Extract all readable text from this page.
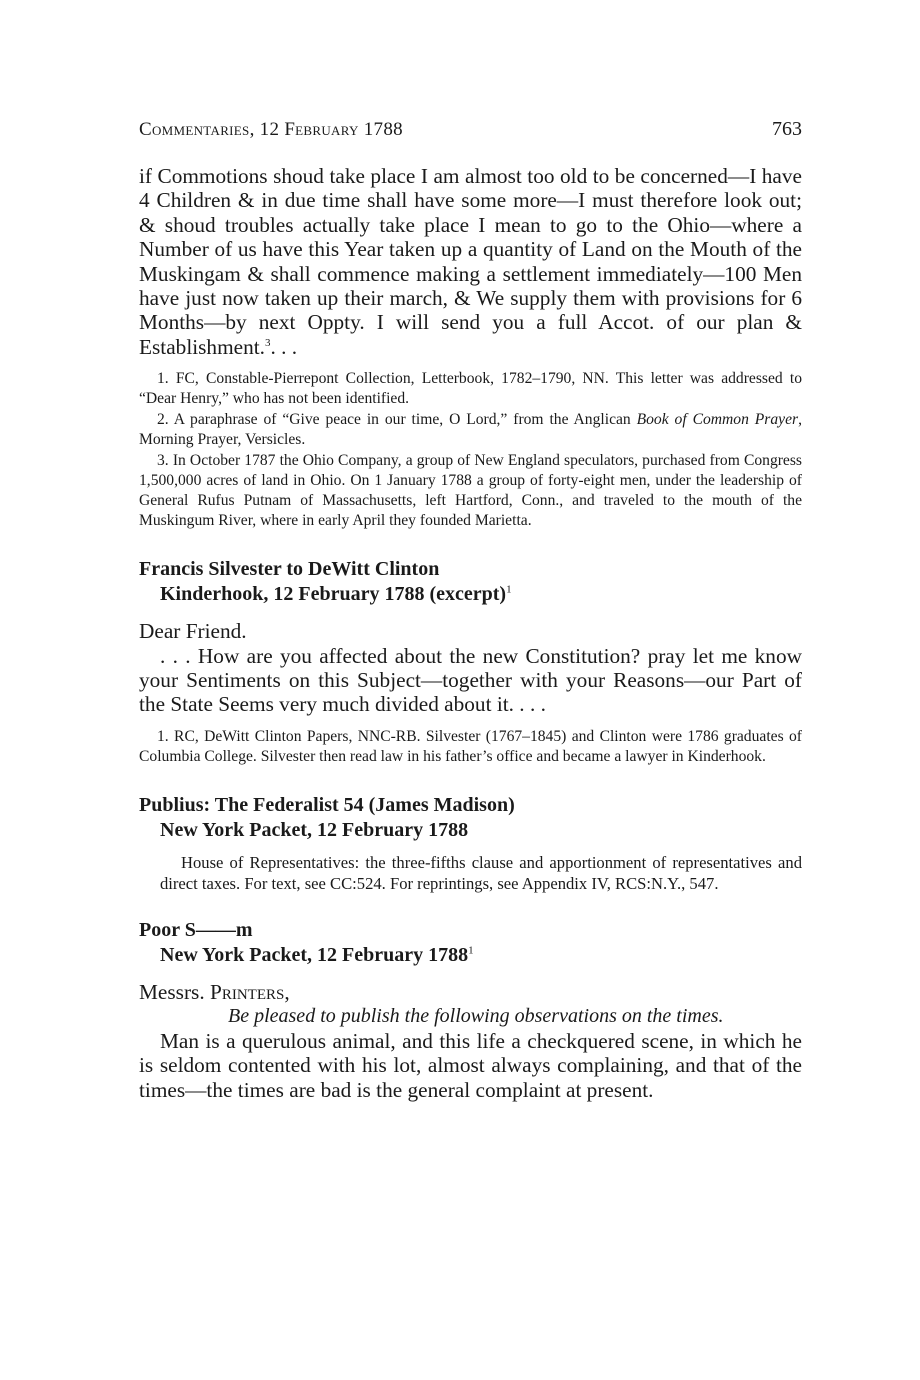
Commentaries, 12 February 1788	763

if Commotions shoud take place I am almost too old to be concerned—I have 4 Children & in due time shall have some more—I must therefore look out; & shoud troubles actually take place I mean to go to the Ohio—where a Number of us have this Year taken up a quantity of Land on the Mouth of the Muskingam & shall commence making a settlement immediately—100 Men have just now taken up their march, & We supply them with provisions for 6 Months—by next Oppty. I will send you a full Accot. of our plan & Establishment.$^3$. . .

1. FC, Constable-Pierrepont Collection, Letterbook, 1782–1790, NN. This letter was addressed to “Dear Henry,” who has not been identified.

2. A paraphrase of “Give peace in our time, O Lord,” from the Anglican Book of Common Prayer, Morning Prayer, Versicles.

3. In October 1787 the Ohio Company, a group of New England speculators, purchased from Congress 1,500,000 acres of land in Ohio. On 1 January 1788 a group of forty-eight men, under the leadership of General Rufus Putnam of Massachusetts, left Hartford, Conn., and traveled to the mouth of the Muskingum River, where in early April they founded Marietta.

Francis Silvester to DeWitt Clinton
Kinderhook, 12 February 1788 (excerpt)$^1$

Dear Friend.

. . . How are you affected about the new Constitution? pray let me know your Sentiments on this Subject—together with your Reasons—our Part of the State Seems very much divided about it. . . .

1. RC, DeWitt Clinton Papers, NNC-RB. Silvester (1767–1845) and Clinton were 1786 graduates of Columbia College. Silvester then read law in his father’s office and became a lawyer in Kinderhook.

Publius: The Federalist 54 (James Madison)
New York Packet, 12 February 1788

House of Representatives: the three-fifths clause and apportionment of representatives and direct taxes. For text, see CC:524. For reprintings, see Appendix IV, RCS:N.Y., 547.

Poor S——m
New York Packet, 12 February 1788$^1$

Messrs. Printers,

Be pleased to publish the following observations on the times.

Man is a querulous animal, and this life a checkquered scene, in which he is seldom contented with his lot, almost always complaining, and that of the times—the times are bad is the general complaint at present.
